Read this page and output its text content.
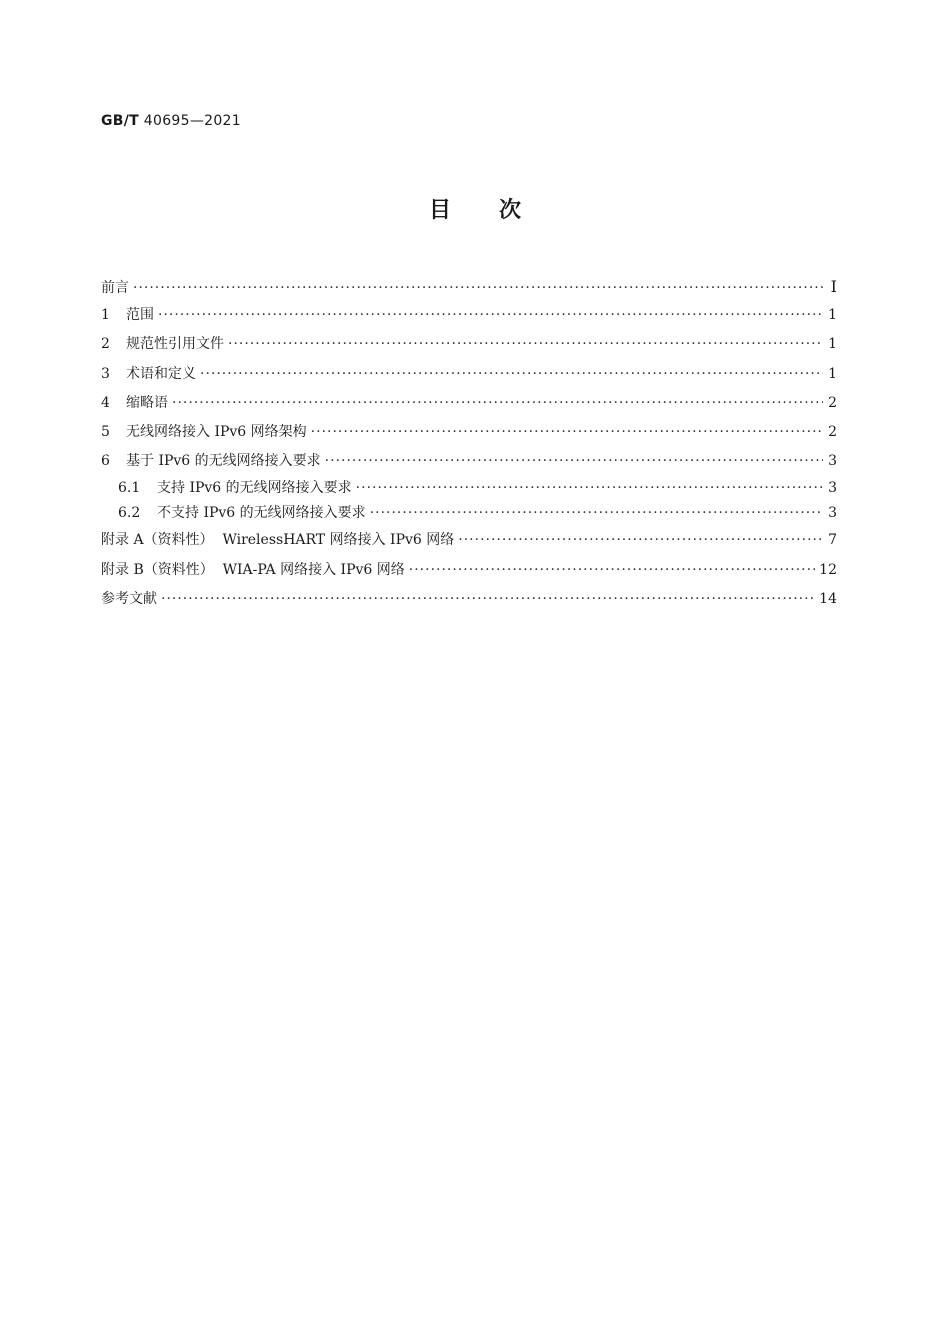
GB/T 40695—2021
目次
前言 ·····	I
1	范围 ·····	1
2	规范性引用文件 ·····	1
3	术语和定义 ·····	1
4	缩略语 ·····	2
5	无线网络接入 IPv6 网络架构 ·····	2
6	基于 IPv6 的无线网络接入要求 ·····	3
6.1	支持 IPv6 的无线网络接入要求 ·····	3
6.2	不支持 IPv6 的无线网络接入要求 ·····	3
附录 A（资料性）  WirelessHART 网络接入 IPv6 网络 ·····	7
附录 B（资料性）  WIA-PA 网络接入 IPv6 网络 ·····	12
参考文献 ·····	14
